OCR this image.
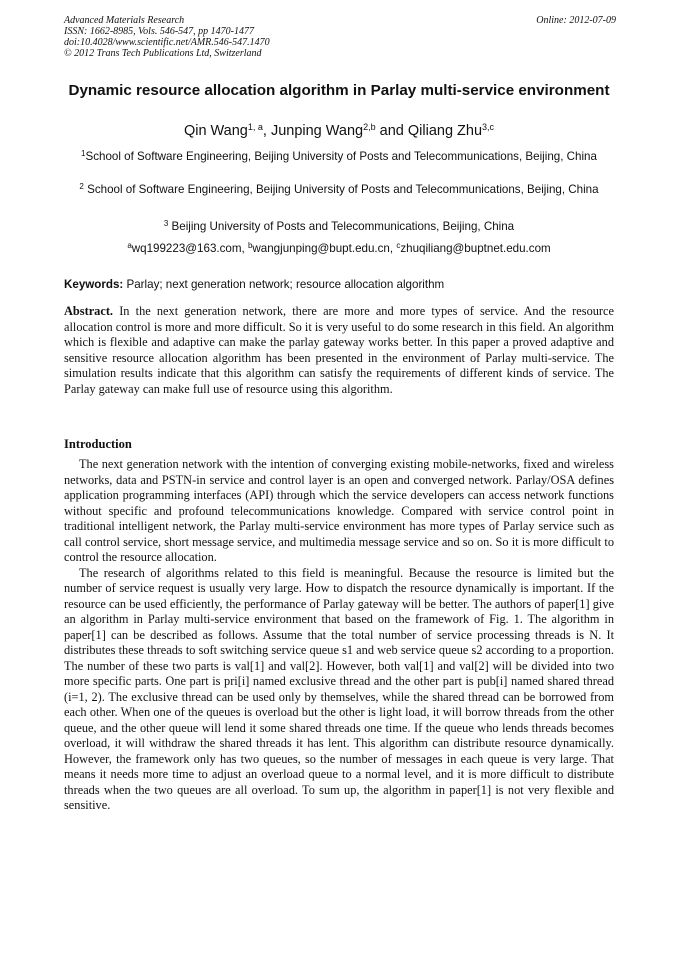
Advanced Materials Research	Online: 2012-07-09
ISSN: 1662-8985, Vols. 546-547, pp 1470-1477
doi:10.4028/www.scientific.net/AMR.546-547.1470
© 2012 Trans Tech Publications Ltd, Switzerland
Dynamic resource allocation algorithm in Parlay multi-service environment
Qin Wang$^{1, a}$, Junping Wang$^{2,b}$ and Qiliang Zhu$^{3,c}$
$^1$School of Software Engineering, Beijing University of Posts and Telecommunications, Beijing, China
$^2$ School of Software Engineering, Beijing University of Posts and Telecommunications, Beijing, China
$^3$ Beijing University of Posts and Telecommunications, Beijing, China
$^a$wq199223@163.com, $^b$wangjunping@bupt.edu.cn, $^c$zhuqiliang@buptnet.edu.com
Keywords: Parlay; next generation network; resource allocation algorithm
Abstract. In the next generation network, there are more and more types of service. And the resource allocation control is more and more difficult. So it is very useful to do some research in this field. An algorithm which is flexible and adaptive can make the parlay gateway works better. In this paper a proved adaptive and sensitive resource allocation algorithm has been presented in the environment of Parlay multi-service. The simulation results indicate that this algorithm can satisfy the requirements of different kinds of service. The Parlay gateway can make full use of resource using this algorithm.
Introduction

The next generation network with the intention of converging existing mobile-networks, fixed and wireless networks, data and PSTN-in service and control layer is an open and converged network. Parlay/OSA defines application programming interfaces (API) through which the service developers can access network functions without specific and profound telecommunications knowledge. Compared with service control point in traditional intelligent network, the Parlay multi-service environment has more types of Parlay service such as call control service, short message service, and multimedia message service and so on. So it is more difficult to control the resource allocation.

The research of algorithms related to this field is meaningful. Because the resource is limited but the number of service request is usually very large. How to dispatch the resource dynamically is important. If the resource can be used efficiently, the performance of Parlay gateway will be better. The authors of paper[1] give an algorithm in Parlay multi-service environment that based on the framework of Fig. 1. The algorithm in paper[1] can be described as follows. Assume that the total number of service processing threads is N. It distributes these threads to soft switching service queue s1 and web service queue s2 according to a proportion. The number of these two parts is val[1] and val[2]. However, both val[1] and val[2] will be divided into two more specific parts. One part is pri[i] named exclusive thread and the other part is pub[i] named shared thread (i=1, 2). The exclusive thread can be used only by themselves, while the shared thread can be borrowed from each other. When one of the queues is overload but the other is light load, it will borrow threads from the other queue, and the other queue will lend it some shared threads one time. If the queue who lends threads becomes overload, it will withdraw the shared threads it has lent. This algorithm can distribute resource dynamically. However, the framework only has two queues, so the number of messages in each queue is very large. That means it needs more time to adjust an overload queue to a normal level, and it is more difficult to distribute threads when the two queues are all overload. To sum up, the algorithm in paper[1] is not very flexible and sensitive.
